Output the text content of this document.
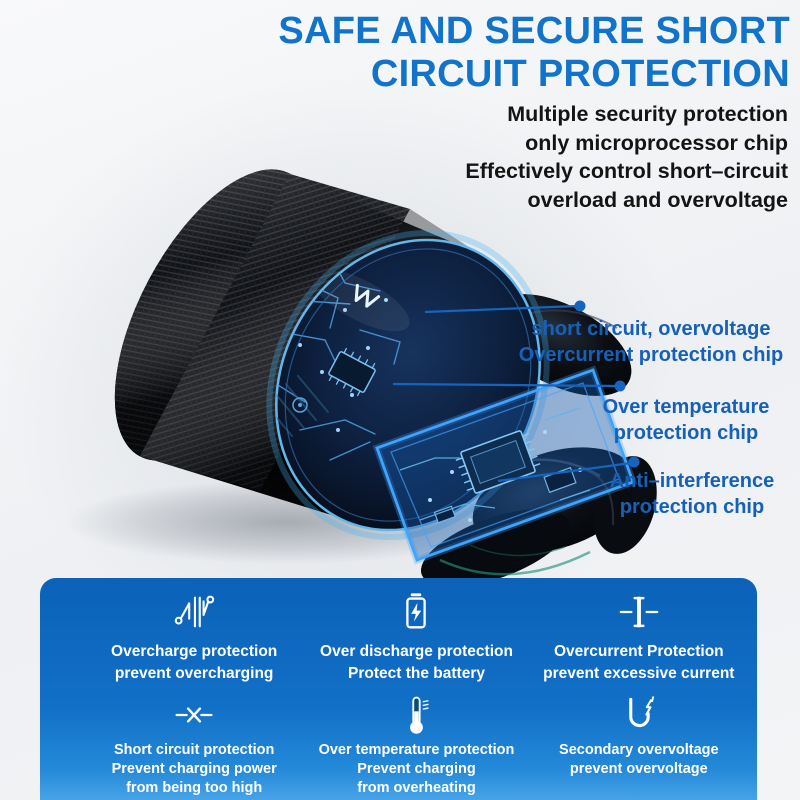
SAFE AND SECURE SHORT
CIRCUIT PROTECTION
Multiple security protection
only microprocessor chip
Effectively control short–circuit
overload and overvoltage
short circuit, overvoltage
Overcurrent protection chip
Over temperature
protection chip
Anti–interference
protection chip
Overcharge protection
prevent overcharging
Over discharge protection
Protect the battery
Overcurrent Protection
prevent excessive current
Short circuit protection
Prevent charging power
from being too high
Over temperature protection
Prevent charging
from overheating
Secondary overvoltage
prevent overvoltage
